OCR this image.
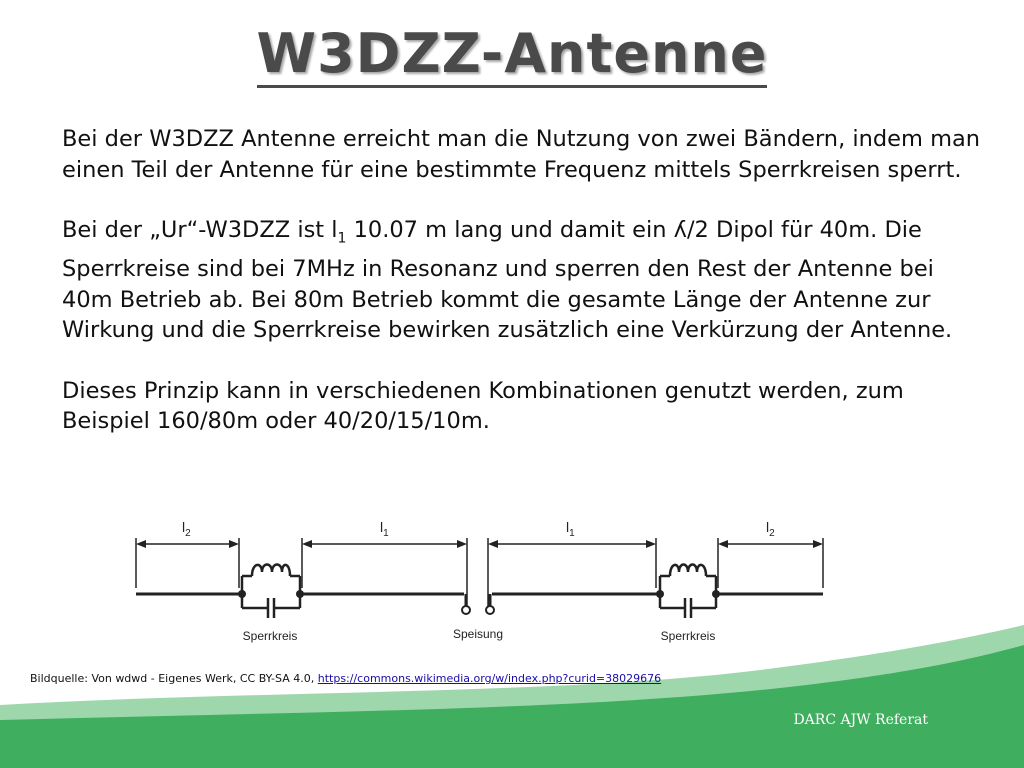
W3DZZ-Antenne

Bei der W3DZZ Antenne erreicht man die Nutzung von zwei Bändern, indem man einen Teil der Antenne für eine bestimmte Frequenz mittels Sperrkreisen sperrt.

Bei der „Ur“-W3DZZ ist $l_1$ 10.07 m lang und damit ein ʎ/2 Dipol für 40m. Die Sperrkreise sind bei 7MHz in Resonanz und sperren den Rest der Antenne bei 40m Betrieb ab. Bei 80m Betrieb kommt die gesamte Länge der Antenne zur Wirkung und die Sperrkreise bewirken zusätzlich eine Verkürzung der Antenne.

Dieses Prinzip kann in verschiedenen Kombinationen genutzt werden, zum Beispiel 160/80m oder 40/20/15/10m.

$l_2$	$l_1$	$l_1$	$l_2$
Sperrkreis	Speisung	Sperrkreis
Bildquelle: Von wdwd - Eigenes Werk, CC BY-SA 4.0, https://commons.wikimedia.org/w/index.php?curid=38029676
DARC AJW Referat
